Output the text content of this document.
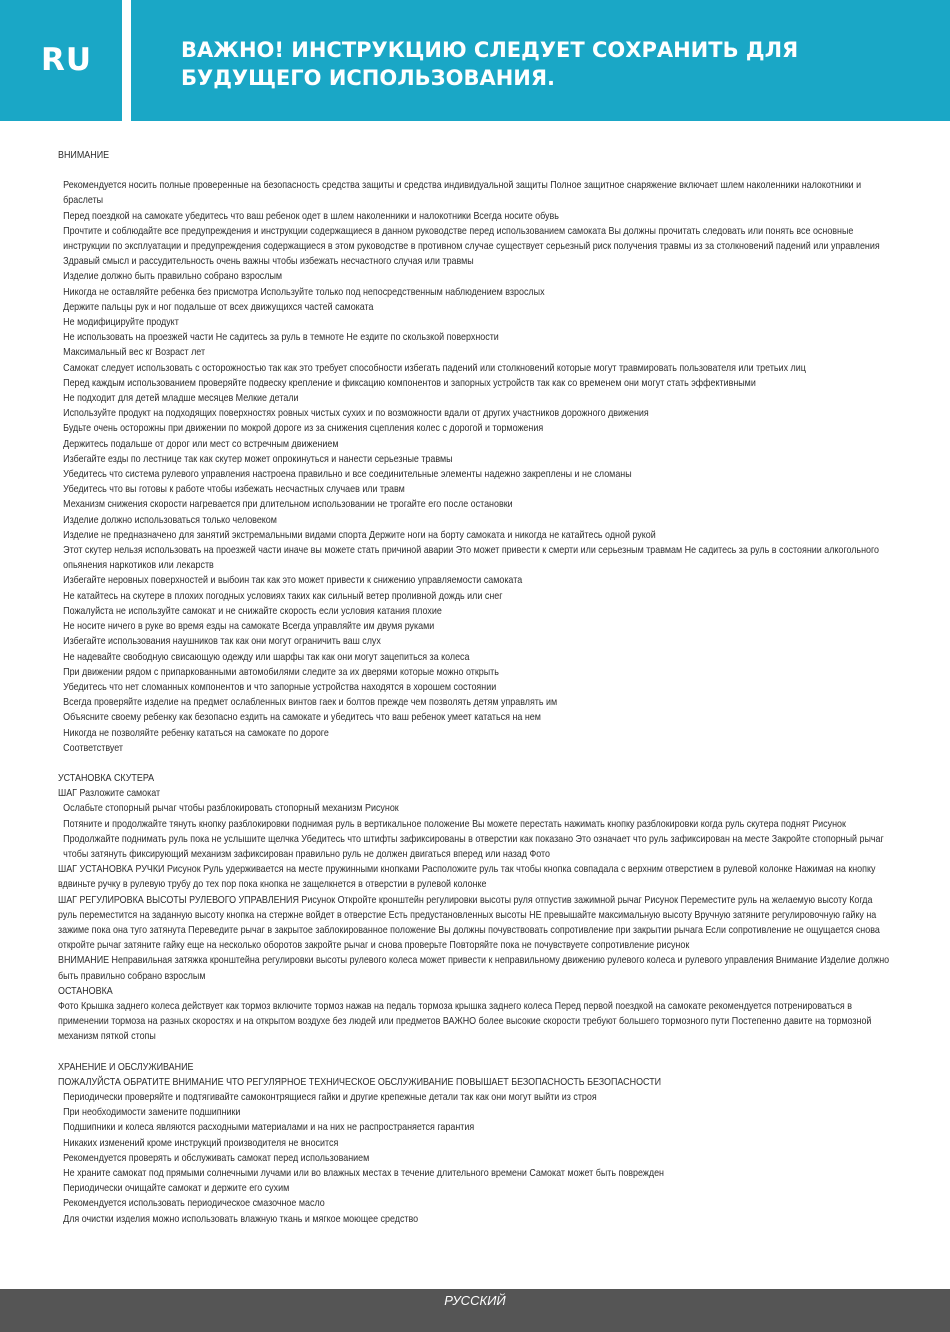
RU	ВАЖНО! ИНСТРУКЦИЮ СЛЕДУЕТ СОХРАНИТЬ ДЛЯ БУДУЩЕГО ИСПОЛЬЗОВАНИЯ.
ВНИМАНИЕ
Рекомендуется носить полные проверенные на безопасность средства защиты и средства индивидуальной защиты Полное защитное снаряжение включает шлем наколенники налокотники и браслеты
Перед поездкой на самокате убедитесь что ваш ребенок одет в шлем наколенники и налокотники Всегда носите обувь
Прочтите и соблюдайте все предупреждения и инструкции содержащиеся в данном руководстве перед использованием самоката Вы должны прочитать следовать или понять все основные инструкции по эксплуатации и предупреждения содержащиеся в этом руководстве в противном случае существует серьезный риск получения травмы из за столкновений падений или управления
Здравый смысл и рассудительность очень важны чтобы избежать несчастного случая или травмы
Изделие должно быть правильно собрано взрослым
Никогда не оставляйте ребенка без присмотра Используйте только под непосредственным наблюдением взрослых
Держите пальцы рук и ног подальше от всех движущихся частей самоката
Не модифицируйте продукт
Не использовать на проезжей части Не садитесь за руль в темноте Не ездите по скользкой поверхности
Максимальный вес кг Возраст лет
Самокат следует использовать с осторожностью так как это требует способности избегать падений или столкновений которые могут травмировать пользователя или третьих лиц
Перед каждым использованием проверяйте подвеску крепление и фиксацию компонентов и запорных устройств так как со временем они могут стать эффективными
Не подходит для детей младше месяцев Мелкие детали
Используйте продукт на подходящих поверхностях ровных чистых сухих и по возможности вдали от других участников дорожного движения
Будьте очень осторожны при движении по мокрой дороге из за снижения сцепления колес с дорогой и торможения
Держитесь подальше от дорог или мест со встречным движением
Избегайте езды по лестнице так как скутер может опрокинуться и нанести серьезные травмы
Убедитесь что система рулевого управления настроена правильно и все соединительные элементы надежно закреплены и не сломаны
Убедитесь что вы готовы к работе чтобы избежать несчастных случаев или травм
Механизм снижения скорости нагревается при длительном использовании не трогайте его после остановки
Изделие должно использоваться только человеком
Изделие не предназначено для занятий экстремальными видами спорта Держите ноги на борту самоката и никогда не катайтесь одной рукой
Этот скутер нельзя использовать на проезжей части иначе вы можете стать причиной аварии Это может привести к смерти или серьезным травмам Не садитесь за руль в состоянии алкогольного опьянения наркотиков или лекарств
Избегайте неровных поверхностей и выбоин так как это может привести к снижению управляемости самоката
Не катайтесь на скутере в плохих погодных условиях таких как сильный ветер проливной дождь или снег
Пожалуйста не используйте самокат и не снижайте скорость если условия катания плохие
Не носите ничего в руке во время езды на самокате Всегда управляйте им двумя руками
Избегайте использования наушников так как они могут ограничить ваш слух
Не надевайте свободную свисающую одежду или шарфы так как они могут зацепиться за колеса
При движении рядом с припаркованными автомобилями следите за их дверями которые можно открыть
Убедитесь что нет сломанных компонентов и что запорные устройства находятся в хорошем состоянии
Всегда проверяйте изделие на предмет ослабленных винтов гаек и болтов прежде чем позволять детям управлять им
Объясните своему ребенку как безопасно ездить на самокате и убедитесь что ваш ребенок умеет кататься на нем
Никогда не позволяйте ребенку кататься на самокате по дороге
Соответствует
УСТАНОВКА СКУТЕРА
ШАГ Разложите самокат
Ослабьте стопорный рычаг чтобы разблокировать стопорный механизм Рисунок
Потяните и продолжайте тянуть кнопку разблокировки поднимая руль в вертикальное положение Вы можете перестать нажимать кнопку разблокировки когда руль скутера поднят Рисунок
Продолжайте поднимать руль пока не услышите щелчка Убедитесь что штифты зафиксированы в отверстии как показано Это означает что руль зафиксирован на месте Закройте стопорный рычаг чтобы затянуть фиксирующий механизм зафиксирован правильно руль не должен двигаться вперед или назад Фото
ШАГ УСТАНОВКА РУЧКИ Рисунок Руль удерживается на месте пружинными кнопками Расположите руль так чтобы кнопка совпадала с верхним отверстием в рулевой колонке Нажимая на кнопку вдвиньте ручку в рулевую трубу до тех пор пока кнопка не защелкнется в отверстии в рулевой колонке
ШАГ РЕГУЛИРОВКА ВЫСОТЫ РУЛЕВОГО УПРАВЛЕНИЯ Рисунок Откройте кронштейн регулировки высоты руля отпустив зажимной рычаг Рисунок Переместите руль на желаемую высоту Когда руль переместится на заданную высоту кнопка на стержне войдет в отверстие Есть предустановленных высоты НЕ превышайте максимальную высоту Вручную затяните регулировочную гайку на зажиме пока она туго затянута Переведите рычаг в закрытое заблокированное положение Вы должны почувствовать сопротивление при закрытии рычага Если сопротивление не ощущается снова откройте рычаг затяните гайку еще на несколько оборотов закройте рычаг и снова проверьте Повторяйте пока не почувствуете сопротивление рисунок
ВНИМАНИЕ Неправильная затяжка кронштейна регулировки высоты рулевого колеса может привести к неправильному движению рулевого колеса и рулевого управления Внимание Изделие должно быть правильно собрано взрослым
ОСТАНОВКА
Фото Крышка заднего колеса действует как тормоз включите тормоз нажав на педаль тормоза крышка заднего колеса Перед первой поездкой на самокате рекомендуется потренироваться в применении тормоза на разных скоростях и на открытом воздухе без людей или предметов ВАЖНО более высокие скорости требуют большего тормозного пути Постепенно давите на тормозной механизм пяткой стопы
ХРАНЕНИЕ И ОБСЛУЖИВАНИЕ
ПОЖАЛУЙСТА ОБРАТИТЕ ВНИМАНИЕ ЧТО РЕГУЛЯРНОЕ ТЕХНИЧЕСКОЕ ОБСЛУЖИВАНИЕ ПОВЫШАЕТ БЕЗОПАСНОСТЬ БЕЗОПАСНОСТИ
Периодически проверяйте и подтягивайте самоконтрящиеся гайки и другие крепежные детали так как они могут выйти из строя
При необходимости замените подшипники
Подшипники и колеса являются расходными материалами и на них не распространяется гарантия
Никаких изменений кроме инструкций производителя не вносится
Рекомендуется проверять и обслуживать самокат перед использованием
Не храните самокат под прямыми солнечными лучами или во влажных местах в течение длительного времени Самокат может быть поврежден
Периодически очищайте самокат и держите его сухим
Рекомендуется использовать периодическое смазочное масло
Для очистки изделия можно использовать влажную ткань и мягкое моющее средство
РУССКИЙ
